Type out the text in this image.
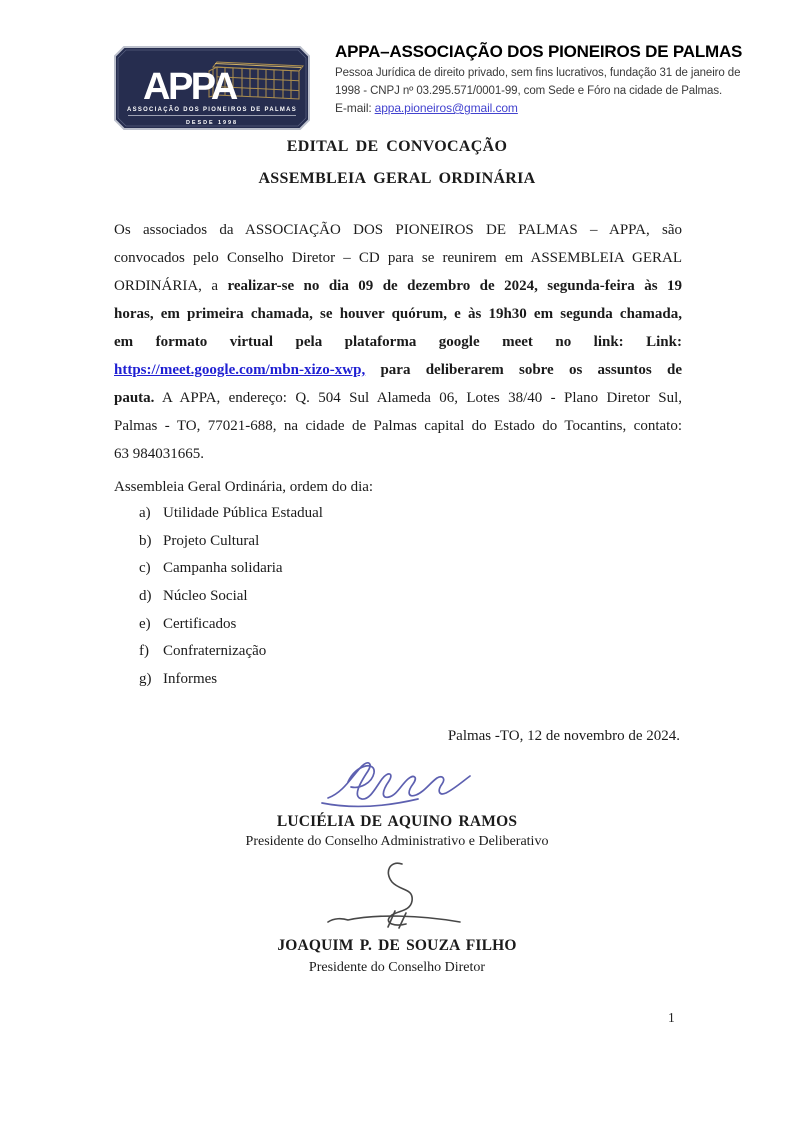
APPA
ASSOCIAÇÃO DOS PIONEIROS DE PALMAS
DESDE 1998
APPA–ASSOCIAÇÃO DOS PIONEIROS DE PALMAS
Pessoa Jurídica de direito privado, sem fins lucrativos, fundação 31 de janeiro de
1998 - CNPJ nº 03.295.571/0001-99, com Sede e Fóro na cidade de Palmas.
E-mail: appa.pioneiros@gmail.com
EDITAL DE CONVOCAÇÃO
ASSEMBLEIA GERAL ORDINÁRIA
Os associados da ASSOCIAÇÃO DOS PIONEIROS DE PALMAS – APPA, são
convocados pelo Conselho Diretor – CD para se reunirem em ASSEMBLEIA GERAL
ORDINÁRIA, a realizar-se no dia 09 de dezembro de 2024, segunda-feira às 19
horas, em primeira chamada, se houver quórum, e às 19h30 em segunda chamada,
em formato virtual pela plataforma google meet no link: Link:
https://meet.google.com/mbn-xizo-xwp, para deliberarem sobre os assuntos de
pauta. A APPA, endereço: Q. 504 Sul Alameda 06, Lotes 38/40 - Plano Diretor Sul,
Palmas - TO, 77021-688, na cidade de Palmas capital do Estado do Tocantins, contato:
63 984031665.
Assembleia Geral Ordinária, ordem do dia:
a) Utilidade Pública Estadual
b) Projeto Cultural
c) Campanha solidaria
d) Núcleo Social
e) Certificados
f) Confraternização
g) Informes
Palmas -TO, 12 de novembro de 2024.
LUCIÉLIA DE AQUINO RAMOS
Presidente do Conselho Administrativo e Deliberativo
JOAQUIM P. DE SOUZA FILHO
Presidente do Conselho Diretor
1
